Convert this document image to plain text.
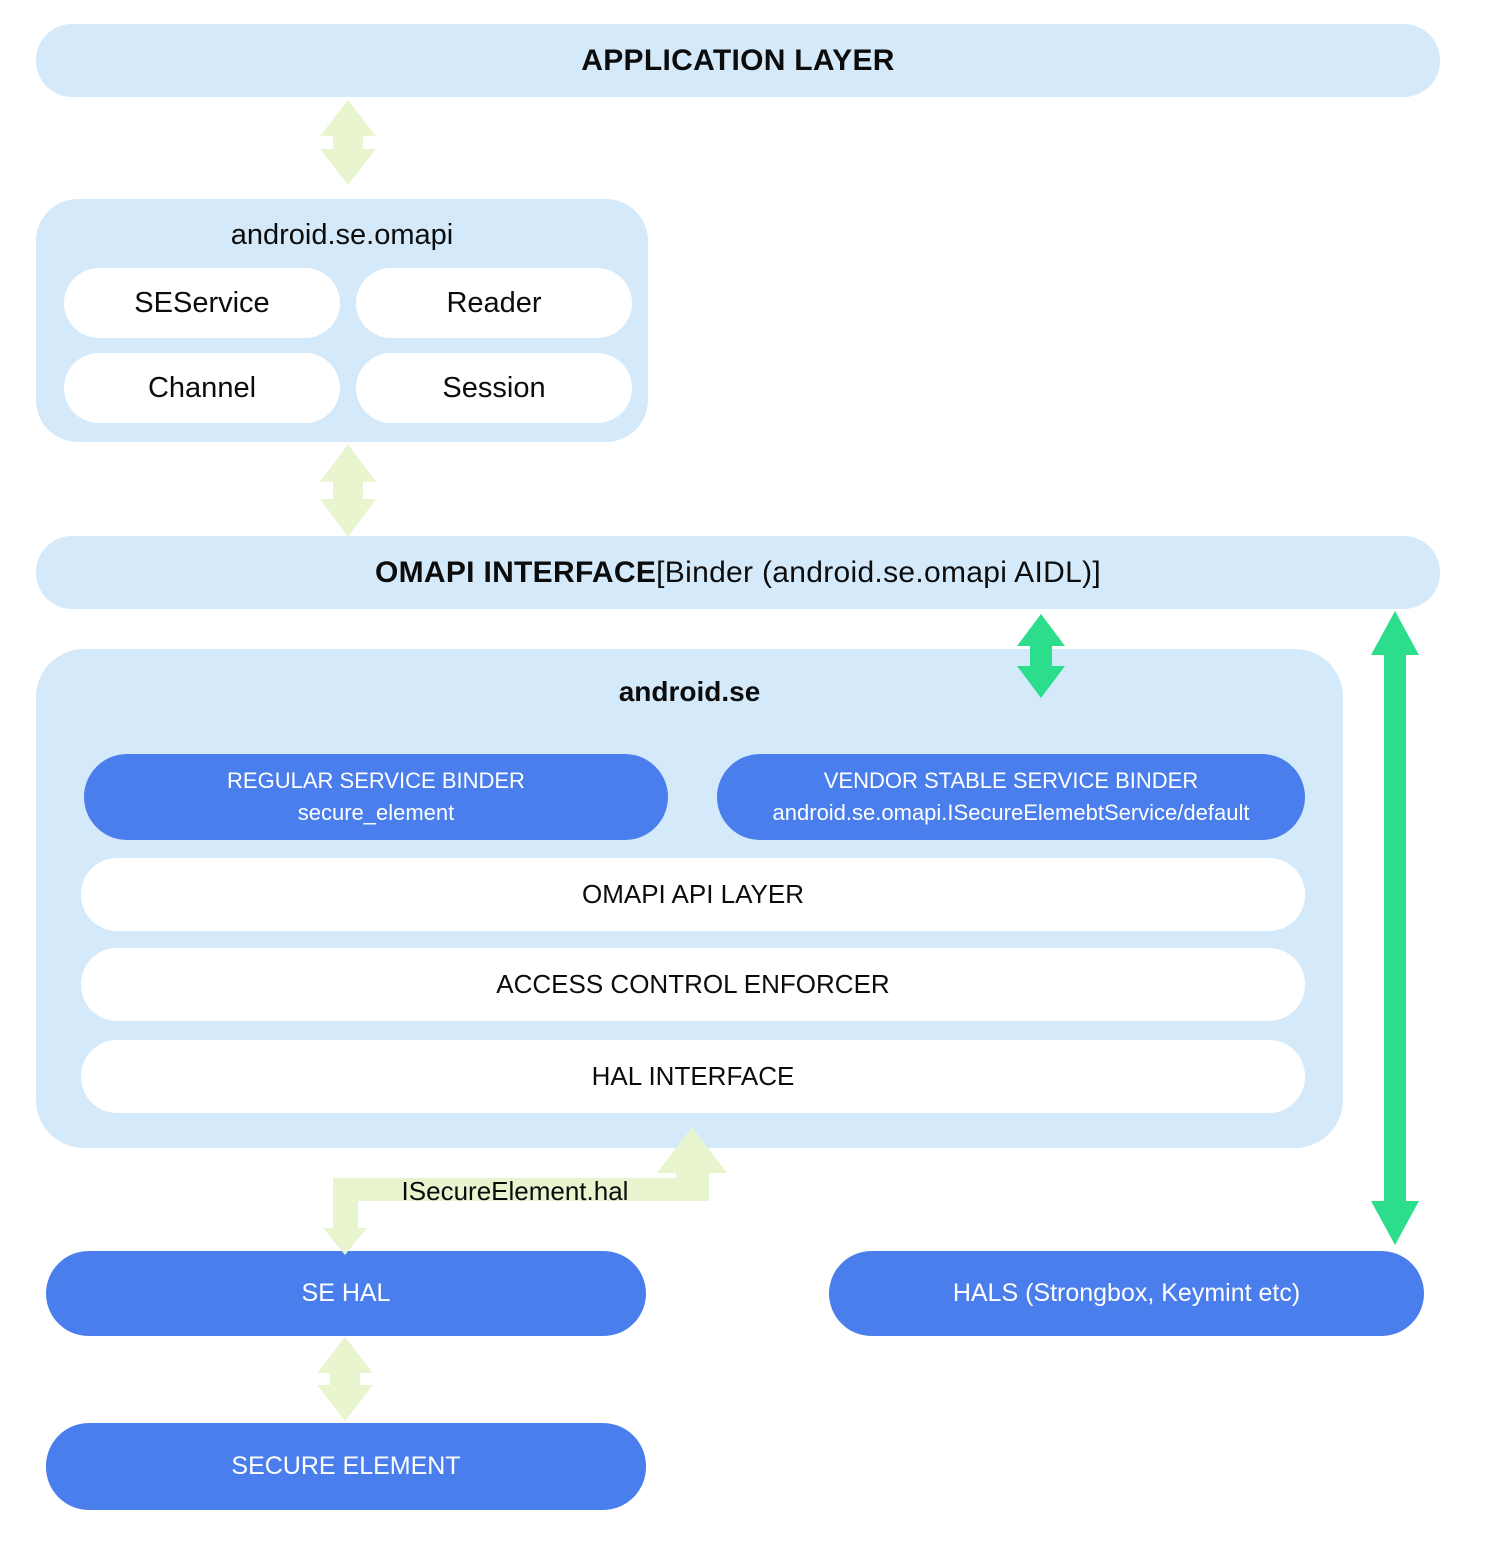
APPLICATION LAYER
android.se.omapi
SEService	Reader
Channel	Session
OMAPI INTERFACE [Binder (android.se.omapi AIDL)]
android.se
REGULAR SERVICE BINDER
secure_element
VENDOR STABLE SERVICE BINDER
android.se.omapi.ISecureElemebtService/default
OMAPI API LAYER
ACCESS CONTROL ENFORCER
HAL INTERFACE
ISecureElement.hal
SE HAL	HALS (Strongbox, Keymint etc)
SECURE ELEMENT
